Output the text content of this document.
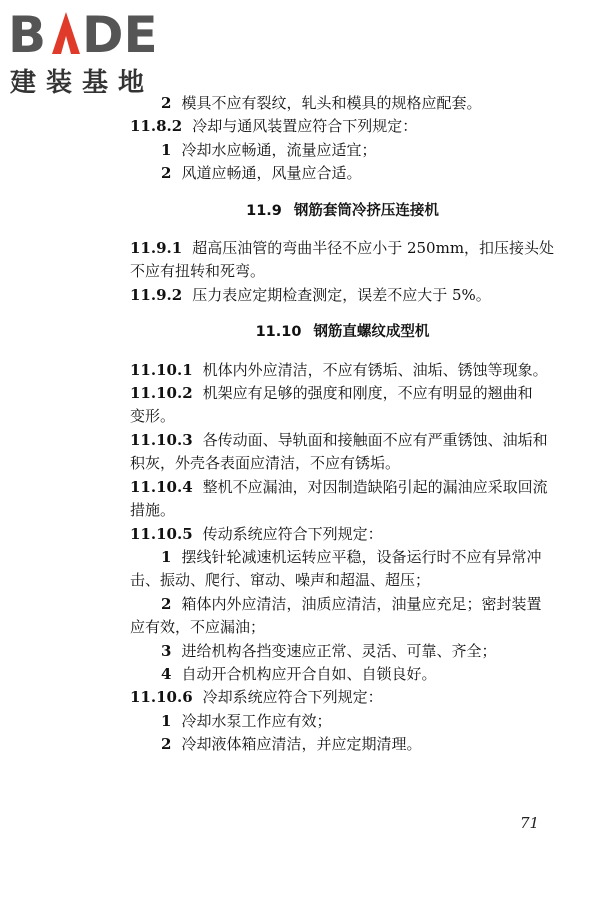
B DE
建装基地
2 模具不应有裂纹，轧头和模具的规格应配套。
11.8.2 冷却与通风装置应符合下列规定：
1 冷却水应畅通，流量应适宜；
2 风道应畅通，风量应合适。
11.9 钢筋套筒冷挤压连接机
11.9.1 超高压油管的弯曲半径不应小于 250mm，扣压接头处
不应有扭转和死弯。
11.9.2 压力表应定期检查测定，误差不应大于 5%。
11.10 钢筋直螺纹成型机
11.10.1 机体内外应清洁，不应有锈垢、油垢、锈蚀等现象。
11.10.2 机架应有足够的强度和刚度，不应有明显的翘曲和
变形。
11.10.3 各传动面、导轨面和接触面不应有严重锈蚀、油垢和
积灰，外壳各表面应清洁，不应有锈垢。
11.10.4 整机不应漏油，对因制造缺陷引起的漏油应采取回流
措施。
11.10.5 传动系统应符合下列规定：
1 摆线针轮减速机运转应平稳，设备运行时不应有异常冲
击、振动、爬行、窜动、噪声和超温、超压；
2 箱体内外应清洁，油质应清洁，油量应充足；密封装置
应有效，不应漏油；
3 进给机构各挡变速应正常、灵活、可靠、齐全；
4 自动开合机构应开合自如、自锁良好。
11.10.6 冷却系统应符合下列规定：
1 冷却水泵工作应有效；
2 冷却液体箱应清洁，并应定期清理。
71
